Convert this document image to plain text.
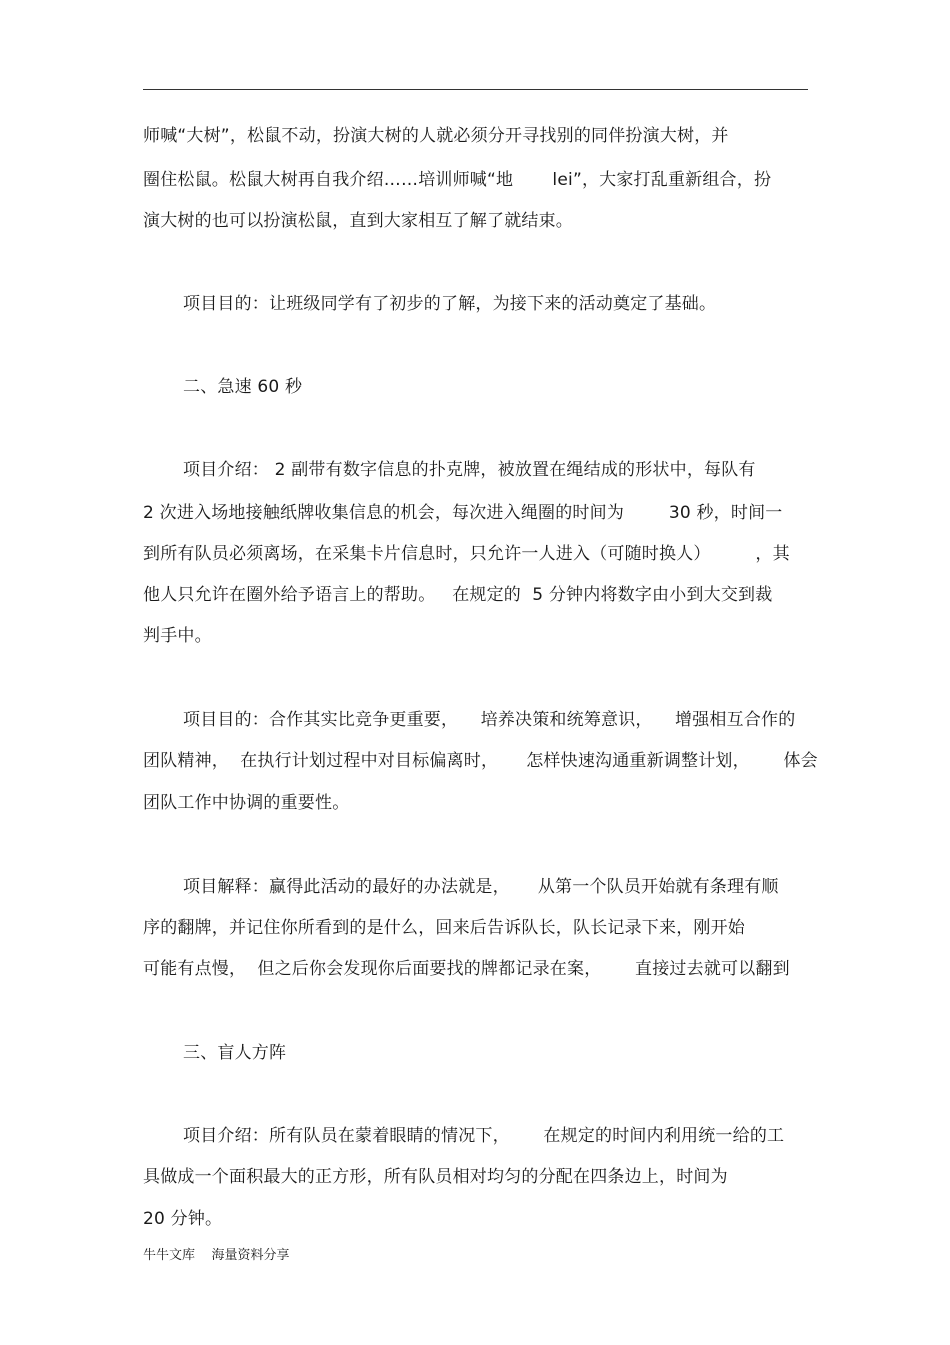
师喊“大树”，松鼠不动，扮演大树的人就必须分开寻找别的同伴扮演大树，并
圈住松鼠。松鼠大树再自我介绍……培训师喊“地       lei”，大家打乱重新组合，扮
演大树的也可以扮演松鼠，直到大家相互了解了就结束。
项目目的：让班级同学有了初步的了解，为接下来的活动奠定了基础。
二、急速 60 秒
项目介绍： 2 副带有数字信息的扑克牌，被放置在绳结成的形状中，每队有
2 次进入场地接触纸牌收集信息的机会，每次进入绳圈的时间为        30 秒，时间一
到所有队员必须离场，在采集卡片信息时，只允许一人进入（可随时换人）        ，其
他人只允许在圈外给予语言上的帮助。   在规定的  5 分钟内将数字由小到大交到裁
判手中。
项目目的：合作其实比竞争更重要，    培养决策和统筹意识，    增强相互合作的
团队精神，  在执行计划过程中对目标偏离时，     怎样快速沟通重新调整计划，      体会
团队工作中协调的重要性。
项目解释：赢得此活动的最好的办法就是，     从第一个队员开始就有条理有顺
序的翻牌，并记住你所看到的是什么，回来后告诉队长，队长记录下来，刚开始
可能有点慢，  但之后你会发现你后面要找的牌都记录在案，      直接过去就可以翻到
三、盲人方阵
项目介绍：所有队员在蒙着眼睛的情况下，      在规定的时间内利用统一给的工
具做成一个面积最大的正方形，所有队员相对均匀的分配在四条边上，时间为
20 分钟。
牛牛文库    海量资料分享
